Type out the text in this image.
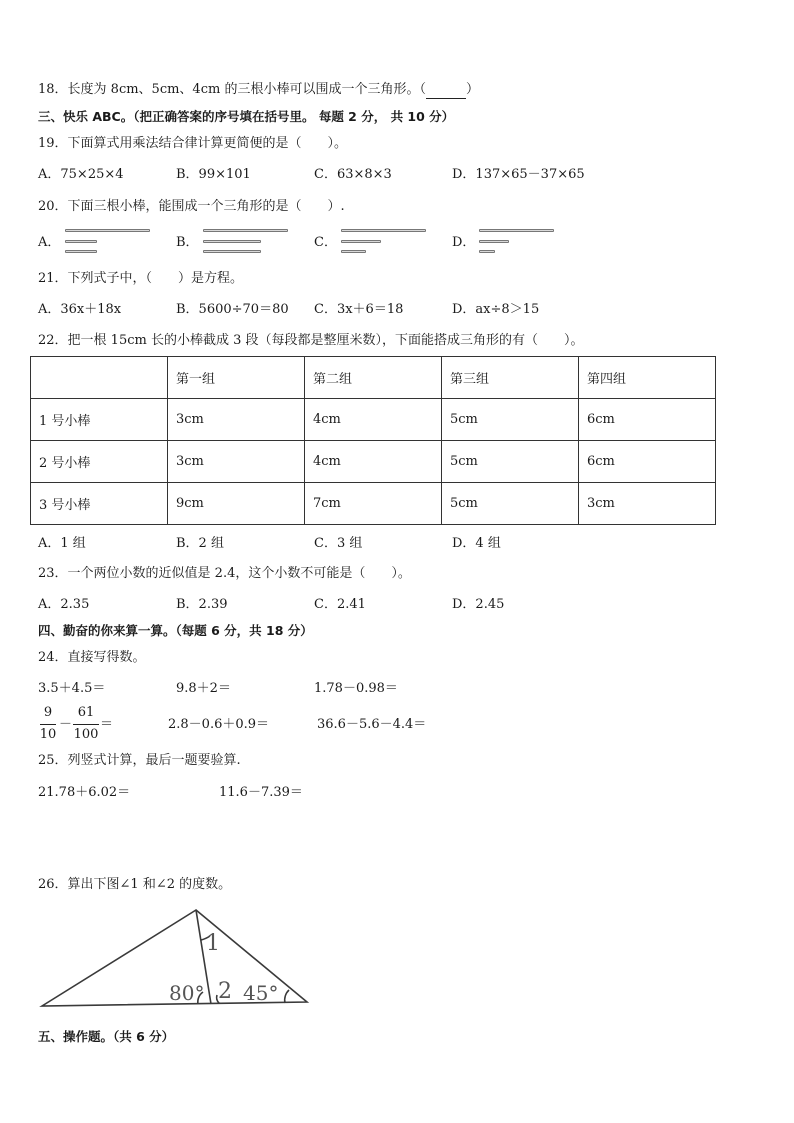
18．长度为 8cm、5cm、4cm 的三根小棒可以围成一个三角形。（	）
三、快乐 ABC。（把正确答案的序号填在括号里。 每题 2 分， 共 10 分）
19．下面算式用乘法结合律计算更简便的是（　　）。
A．75×25×4	B．99×101	C．63×8×3	D．137×65－37×65
20．下面三根小棒，能围成一个三角形的是（　　）.
A．	B．	C．	D．
21．下列式子中，（　　）是方程。
A．36x＋18x	B．5600÷70＝80 C．3x＋6＝18	D．ax÷8＞15
22．把一根 15cm 长的小棒截成 3 段（每段都是整厘米数），下面能搭成三角形的有（　　）。
	第一组	第二组	第三组	第四组
1 号小棒	3cm	4cm	5cm	6cm
2 号小棒	3cm	4cm	5cm	6cm
3 号小棒	9cm	7cm	5cm	3cm
A．1 组	B．2 组	C．3 组	D．4 组
23．一个两位小数的近似值是 2.4，这个小数不可能是（　　）。
A．2.35	B．2.39	C．2.41	D．2.45
四、勤奋的你来算一算。（每题 6 分，共 18 分）
24．直接写得数。
3.5＋4.5＝	9.8＋2＝	1.78－0.98＝
9
10
－
61
100
＝	2.8－0.6＋0.9＝	36.6－5.6－4.4＝
25．列竖式计算，最后一题要验算.
21.78＋6.02＝	11.6－7.39＝
26．算出下图∠1 和∠2 的度数。
1
2
80° 45°
五、操作题。（共 6 分）
